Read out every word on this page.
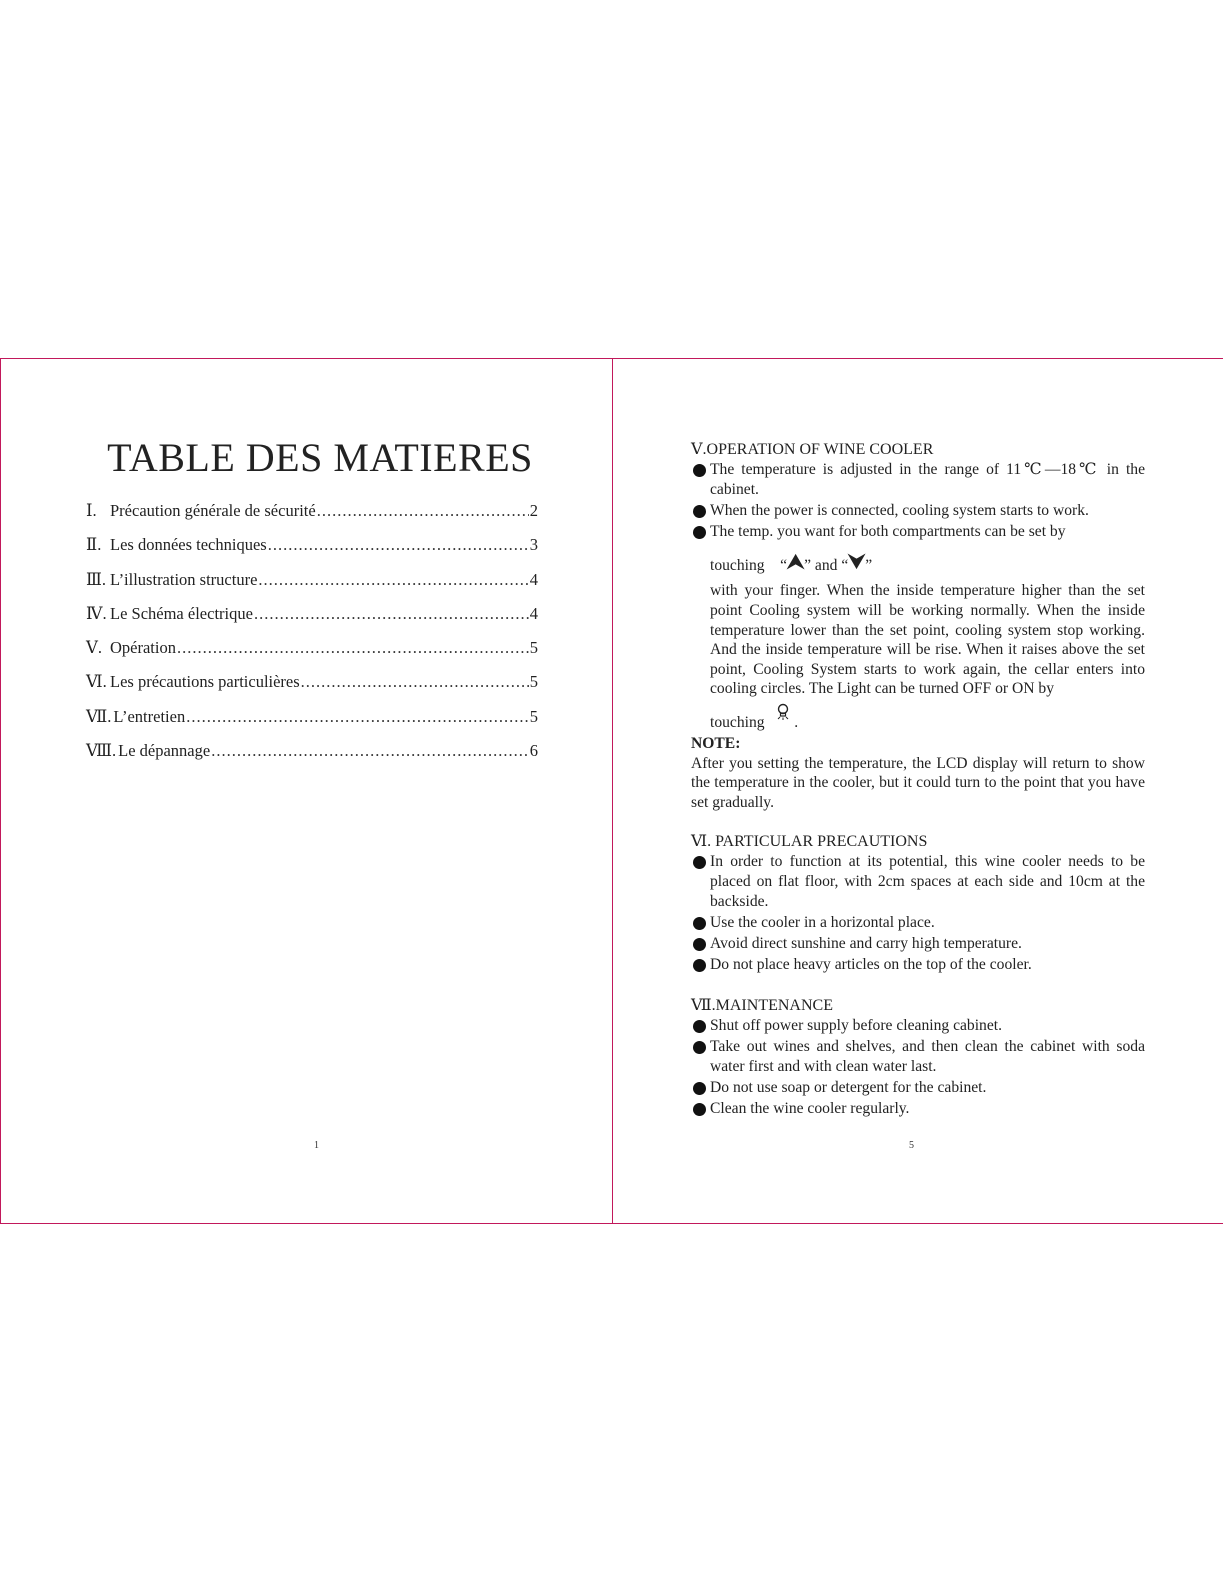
TABLE DES MATIERES
Ⅰ. Précaution générale de sécurité .....	2
Ⅱ. Les données techniques .....	3
Ⅲ. L’illustration structure .....	4
Ⅳ. Le Schéma électrique .....	4
Ⅴ. Opération .....	5
Ⅵ. Les précautions particulières .....	5
Ⅶ. L’entretien .....	5
Ⅷ. Le dépannage .....	6
1
Ⅴ.OPERATION OF WINE COOLER
The temperature is adjusted in the range of 11℃—18℃ in the cabinet.
When the power is connected, cooling system starts to work.
The temp. you want for both compartments can be set by
touching “⮝” and “⮟”
with your finger. When the inside temperature higher than the set point Cooling system will be working normally. When the inside temperature lower than the set point, cooling system stop working. And the inside temperature will be rise. When it raises above the set point, Cooling System starts to work again, the cellar enters into cooling circles. The Light can be turned OFF or ON by
touching .

NOTE:

After you setting the temperature, the LCD display will return to show the temperature in the cooler, but it could turn to the point that you have set gradually.

Ⅵ. PARTICULAR PRECAUTIONS
In order to function at its potential, this wine cooler needs to be placed on flat floor, with 2cm spaces at each side and 10cm at the backside.
Use the cooler in a horizontal place.
Avoid direct sunshine and carry high temperature.
Do not place heavy articles on the top of the cooler.
Ⅶ.MAINTENANCE
Shut off power supply before cleaning cabinet.
Take out wines and shelves, and then clean the cabinet with soda water first and with clean water last.
Do not use soap or detergent for the cabinet.
Clean the wine cooler regularly.
5
